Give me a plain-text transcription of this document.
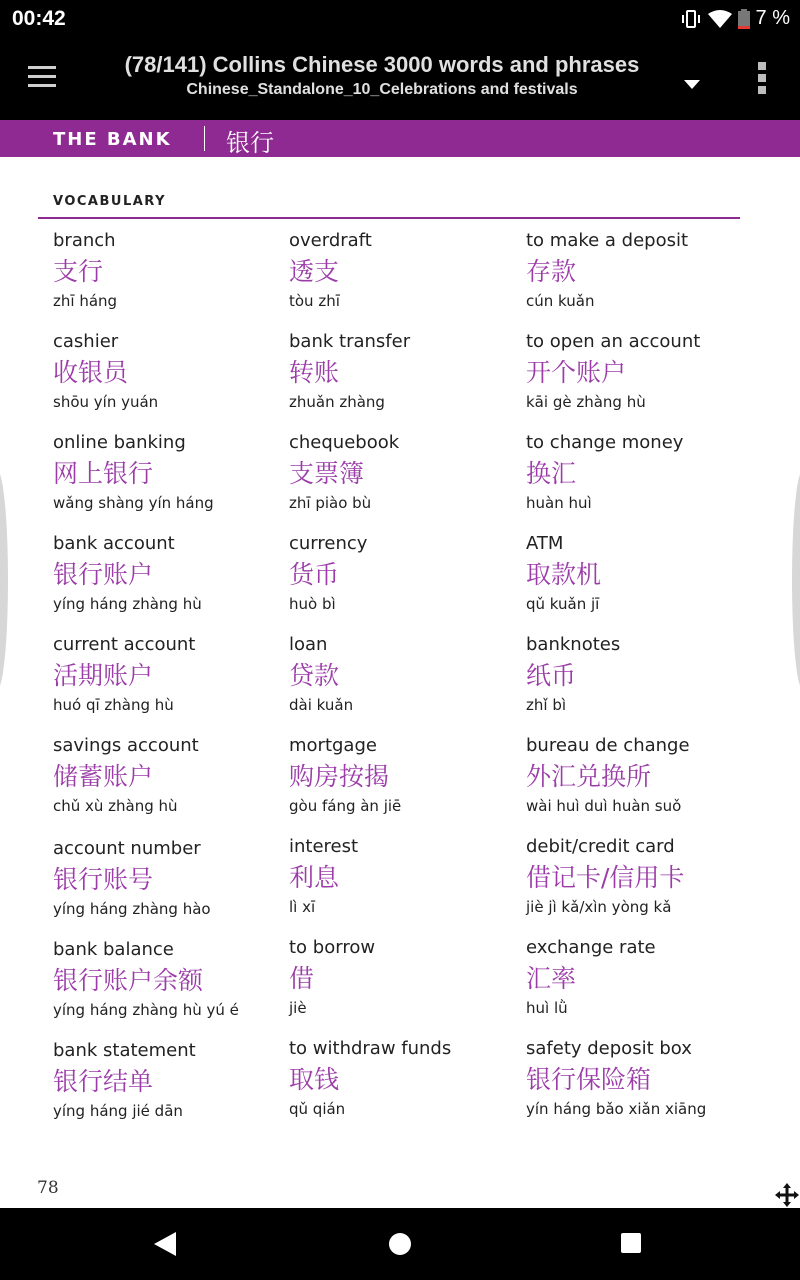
00:42	7 %
(78/141) Collins Chinese 3000 words and phrases
Chinese_Standalone_10_Celebrations and festivals
THE BANK 银行
VOCABULARY
branch
支行
zhī háng
cashier
收银员
shōu yín yuán
online banking
网上银行
wǎng shàng yín háng
bank account
银行账户
yíng háng zhàng hù
current account
活期账户
huó qī zhàng hù
savings account
储蓄账户
chǔ xù zhàng hù
account number
银行账号
yíng háng zhàng hào
bank balance
银行账户余额
yíng háng zhàng hù yú é
bank statement
银行结单
yíng háng jié dān
overdraft
透支
tòu zhī
bank transfer
转账
zhuǎn zhàng
chequebook
支票簿
zhī piào bù
currency
货币
huò bì
loan
贷款
dài kuǎn
mortgage
购房按揭
gòu fáng àn jiē
interest
利息
lì xī
to borrow
借
jiè
to withdraw funds
取钱
qǔ qián
to make a deposit
存款
cún kuǎn
to open an account
开个账户
kāi gè zhàng hù
to change money
换汇
huàn huì
ATM
取款机
qǔ kuǎn jī
banknotes
纸币
zhǐ bì
bureau de change
外汇兑换所
wài huì duì huàn suǒ
debit/credit card
借记卡/信用卡
jiè jì kǎ/xìn yòng kǎ
exchange rate
汇率
huì lǜ
safety deposit box
银行保险箱
yín háng bǎo xiǎn xiāng
78
